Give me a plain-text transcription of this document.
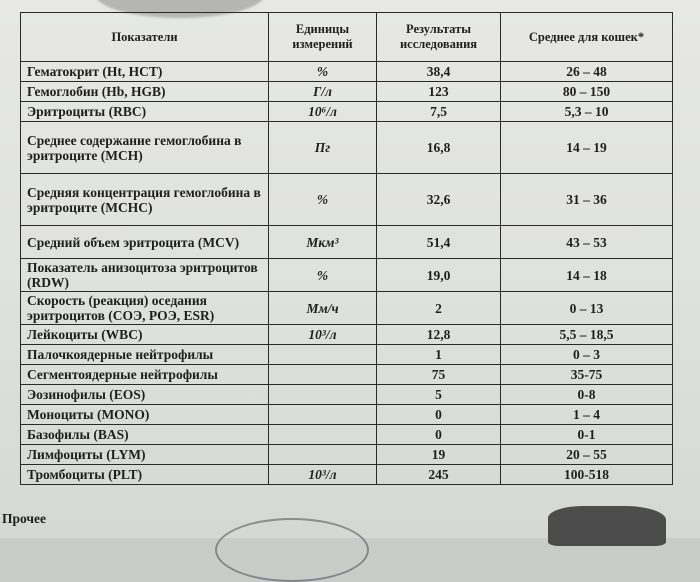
Показатели	Единицы измерений	Результаты исследования	Среднее для кошек*
Гематокрит (Ht, HCT)	%	38,4	26 – 48
Гемоглобин (Hb, HGB)	Г/л	123	80 – 150
Эритроциты (RBC)	10⁶/л	7,5	5,3 – 10
Среднее содержание гемоглобина в эритроците (MCH)	Пг	16,8	14 – 19
Средняя концентрация гемоглобина в эритроците (MCHC)	%	32,6	31 – 36
Средний объем эритроцита (MCV)	Мкм³	51,4	43 – 53
Показатель анизоцитоза эритроцитов (RDW)	%	19,0	14 – 18
Скорость (реакция) оседания эритроцитов (СОЭ, РОЭ, ESR)	Мм/ч	2	0 – 13
Лейкоциты (WBC)	10³/л	12,8	5,5 – 18,5
Палочкоядерные нейтрофилы		1	0 – 3
Сегментоядерные нейтрофилы		75	35-75
Эозинофилы (EOS)		5	0-8
Моноциты (MONO)		0	1 – 4
Базофилы (BAS)		0	0-1
Лимфоциты (LYM)		19	20 – 55
Тромбоциты (PLT)	10³/л	245	100-518
Прочее
